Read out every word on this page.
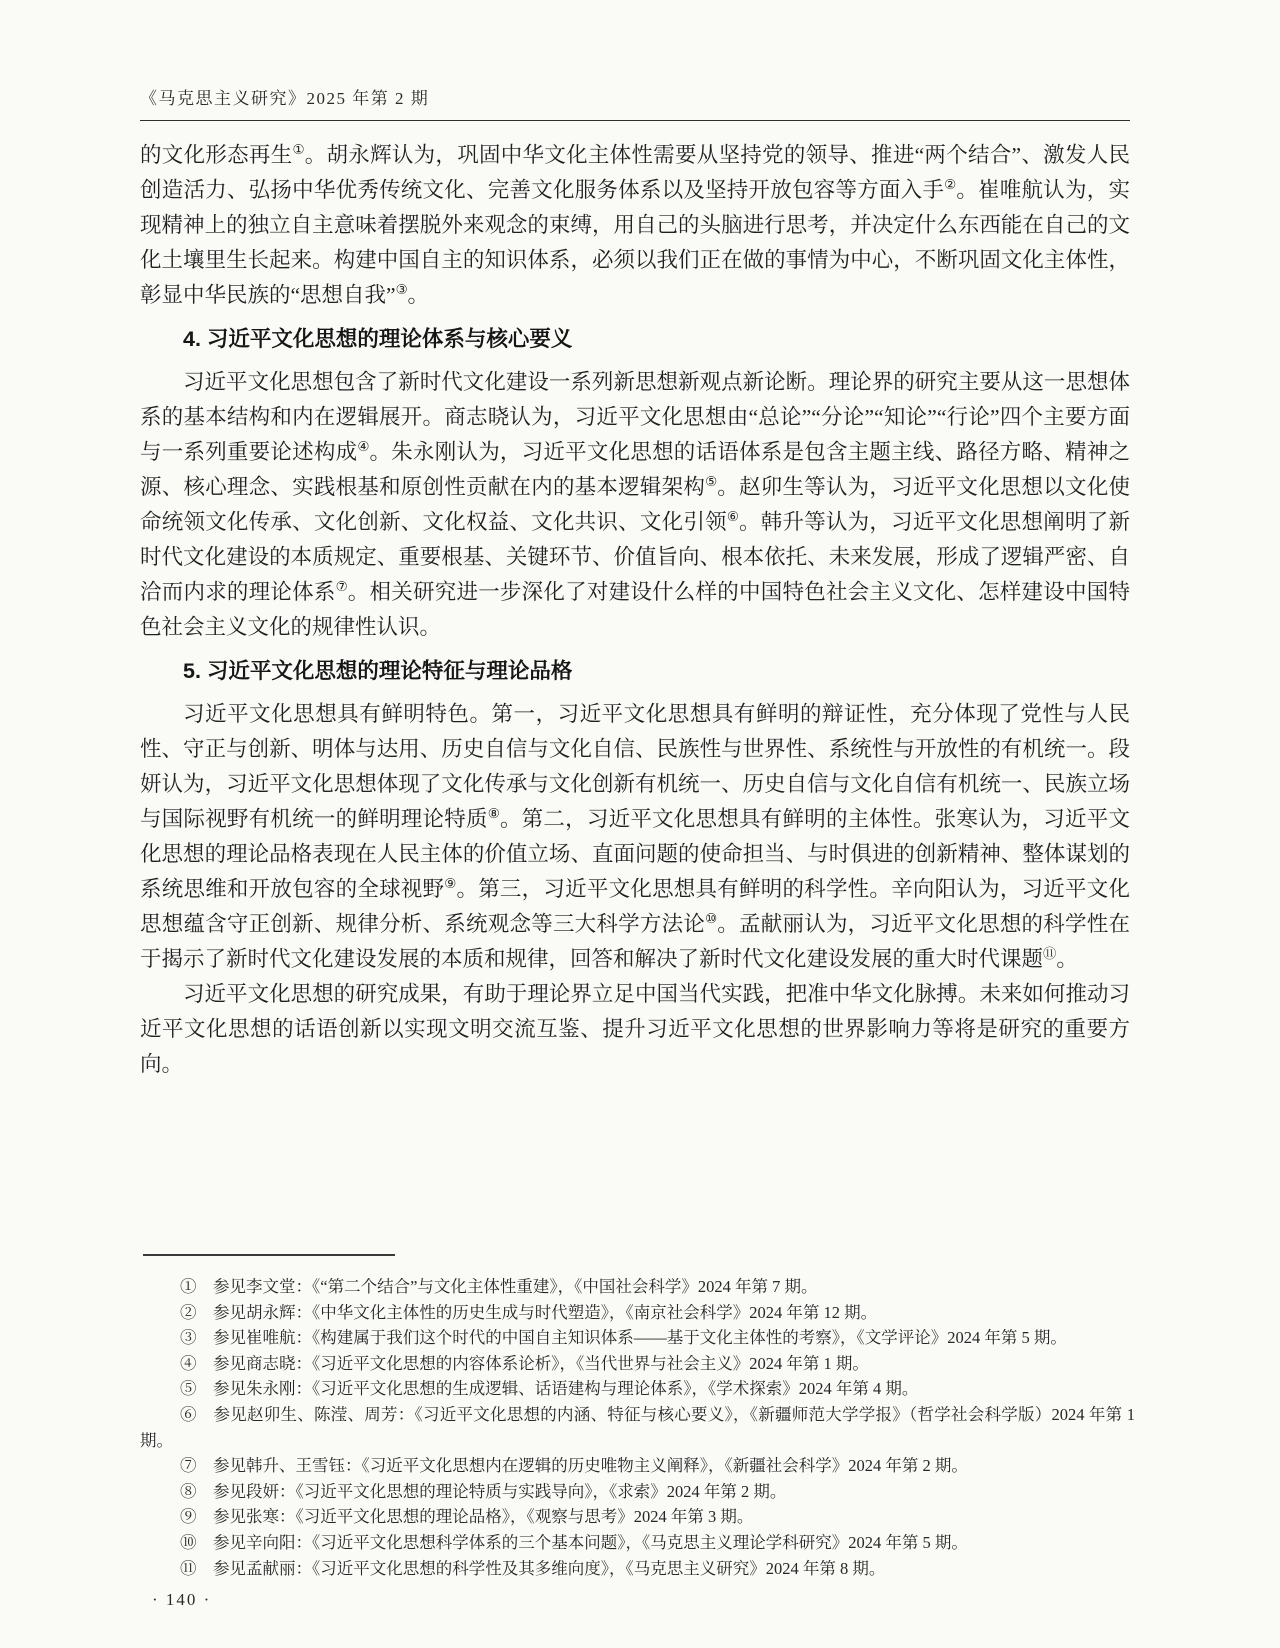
《马克思主义研究》2025 年第 2 期

的文化形态再生①。胡永辉认为，巩固中华文化主体性需要从坚持党的领导、推进“两个结合”、激发人民创造活力、弘扬中华优秀传统文化、完善文化服务体系以及坚持开放包容等方面入手②。崔唯航认为，实现精神上的独立自主意味着摆脱外来观念的束缚，用自己的头脑进行思考，并决定什么东西能在自己的文化土壤里生长起来。构建中国自主的知识体系，必须以我们正在做的事情为中心，不断巩固文化主体性，彰显中华民族的“思想自我”③。

4. 习近平文化思想的理论体系与核心要义

习近平文化思想包含了新时代文化建设一系列新思想新观点新论断。理论界的研究主要从这一思想体系的基本结构和内在逻辑展开。商志晓认为，习近平文化思想由“总论”“分论”“知论”“行论”四个主要方面与一系列重要论述构成④。朱永刚认为，习近平文化思想的话语体系是包含主题主线、路径方略、精神之源、核心理念、实践根基和原创性贡献在内的基本逻辑架构⑤。赵卯生等认为，习近平文化思想以文化使命统领文化传承、文化创新、文化权益、文化共识、文化引领⑥。韩升等认为，习近平文化思想阐明了新时代文化建设的本质规定、重要根基、关键环节、价值旨向、根本依托、未来发展，形成了逻辑严密、自洽而内求的理论体系⑦。相关研究进一步深化了对建设什么样的中国特色社会主义文化、怎样建设中国特色社会主义文化的规律性认识。

5. 习近平文化思想的理论特征与理论品格

习近平文化思想具有鲜明特色。第一，习近平文化思想具有鲜明的辩证性，充分体现了党性与人民性、守正与创新、明体与达用、历史自信与文化自信、民族性与世界性、系统性与开放性的有机统一。段妍认为，习近平文化思想体现了文化传承与文化创新有机统一、历史自信与文化自信有机统一、民族立场与国际视野有机统一的鲜明理论特质⑧。第二，习近平文化思想具有鲜明的主体性。张寒认为，习近平文化思想的理论品格表现在人民主体的价值立场、直面问题的使命担当、与时俱进的创新精神、整体谋划的系统思维和开放包容的全球视野⑨。第三，习近平文化思想具有鲜明的科学性。辛向阳认为，习近平文化思想蕴含守正创新、规律分析、系统观念等三大科学方法论⑩。孟献丽认为，习近平文化思想的科学性在于揭示了新时代文化建设发展的本质和规律，回答和解决了新时代文化建设发展的重大时代课题⑪。

习近平文化思想的研究成果，有助于理论界立足中国当代实践，把准中华文化脉搏。未来如何推动习近平文化思想的话语创新以实现文明交流互鉴、提升习近平文化思想的世界影响力等将是研究的重要方向。

①  参见李文堂：《“第二个结合”与文化主体性重建》，《中国社会科学》2024 年第 7 期。

②  参见胡永辉：《中华文化主体性的历史生成与时代塑造》，《南京社会科学》2024 年第 12 期。

③  参见崔唯航：《构建属于我们这个时代的中国自主知识体系——基于文化主体性的考察》，《文学评论》2024 年第 5 期。

④  参见商志晓：《习近平文化思想的内容体系论析》，《当代世界与社会主义》2024 年第 1 期。

⑤  参见朱永刚：《习近平文化思想的生成逻辑、话语建构与理论体系》，《学术探索》2024 年第 4 期。

⑥  参见赵卯生、陈滢、周芳：《习近平文化思想的内涵、特征与核心要义》，《新疆师范大学学报》（哲学社会科学版）2024 年第 1 期。

⑦  参见韩升、王雪钰：《习近平文化思想内在逻辑的历史唯物主义阐释》，《新疆社会科学》2024 年第 2 期。

⑧  参见段妍：《习近平文化思想的理论特质与实践导向》，《求索》2024 年第 2 期。

⑨  参见张寒：《习近平文化思想的理论品格》，《观察与思考》2024 年第 3 期。

⑩  参见辛向阳：《习近平文化思想科学体系的三个基本问题》，《马克思主义理论学科研究》2024 年第 5 期。

⑪  参见孟献丽：《习近平文化思想的科学性及其多维向度》，《马克思主义研究》2024 年第 8 期。

· 140 ·
